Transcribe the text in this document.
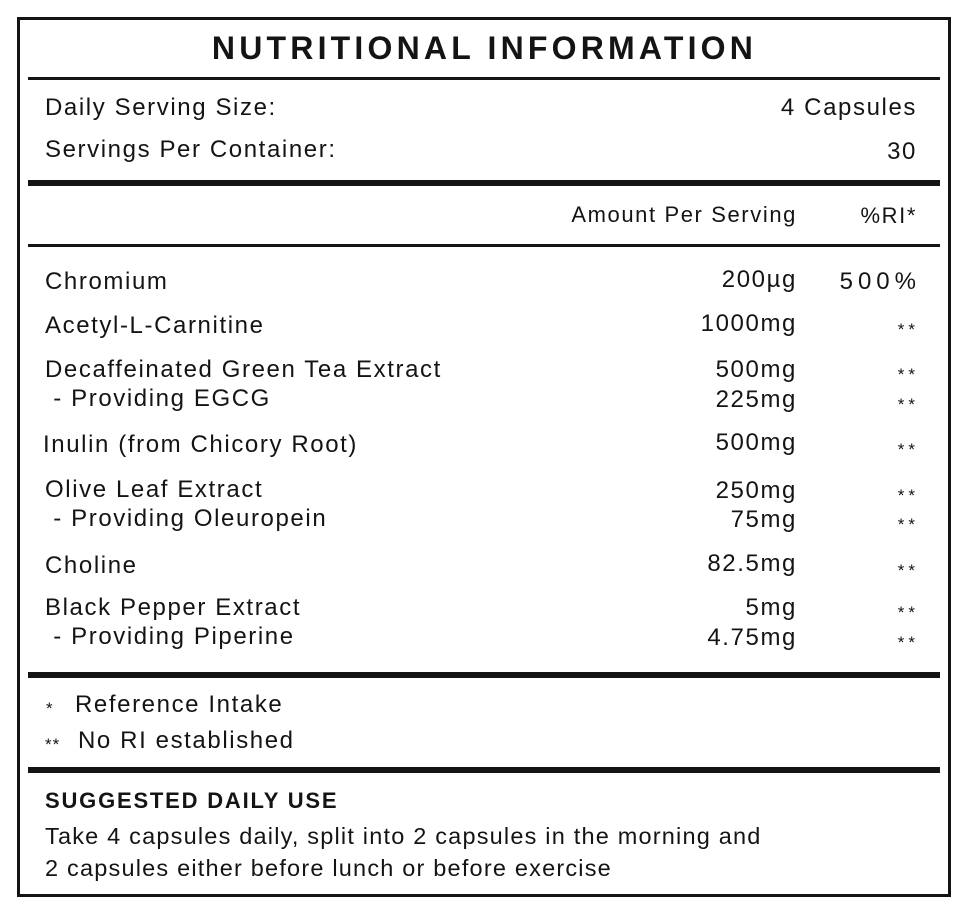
NUTRITIONAL INFORMATION
Daily Serving Size:	4 Capsules
Servings Per Container:	30
Amount Per Serving	%RI*
Chromium	200µg 500%
Acetyl-L-Carnitine	1000mg	**
Decaffeinated Green Tea Extract	500mg	**
- Providing EGCG	225mg	**
Inulin (from Chicory Root)	500mg	**
Olive Leaf Extract	250mg	**
- Providing Oleuropein	75mg	**
Choline	82.5mg	**
Black Pepper Extract	5mg	**
- Providing Piperine	4.75mg	**
* Reference Intake
** No RI established
SUGGESTED DAILY USE
Take 4 capsules daily, split into 2 capsules in the morning and
2 capsules either before lunch or before exercise
